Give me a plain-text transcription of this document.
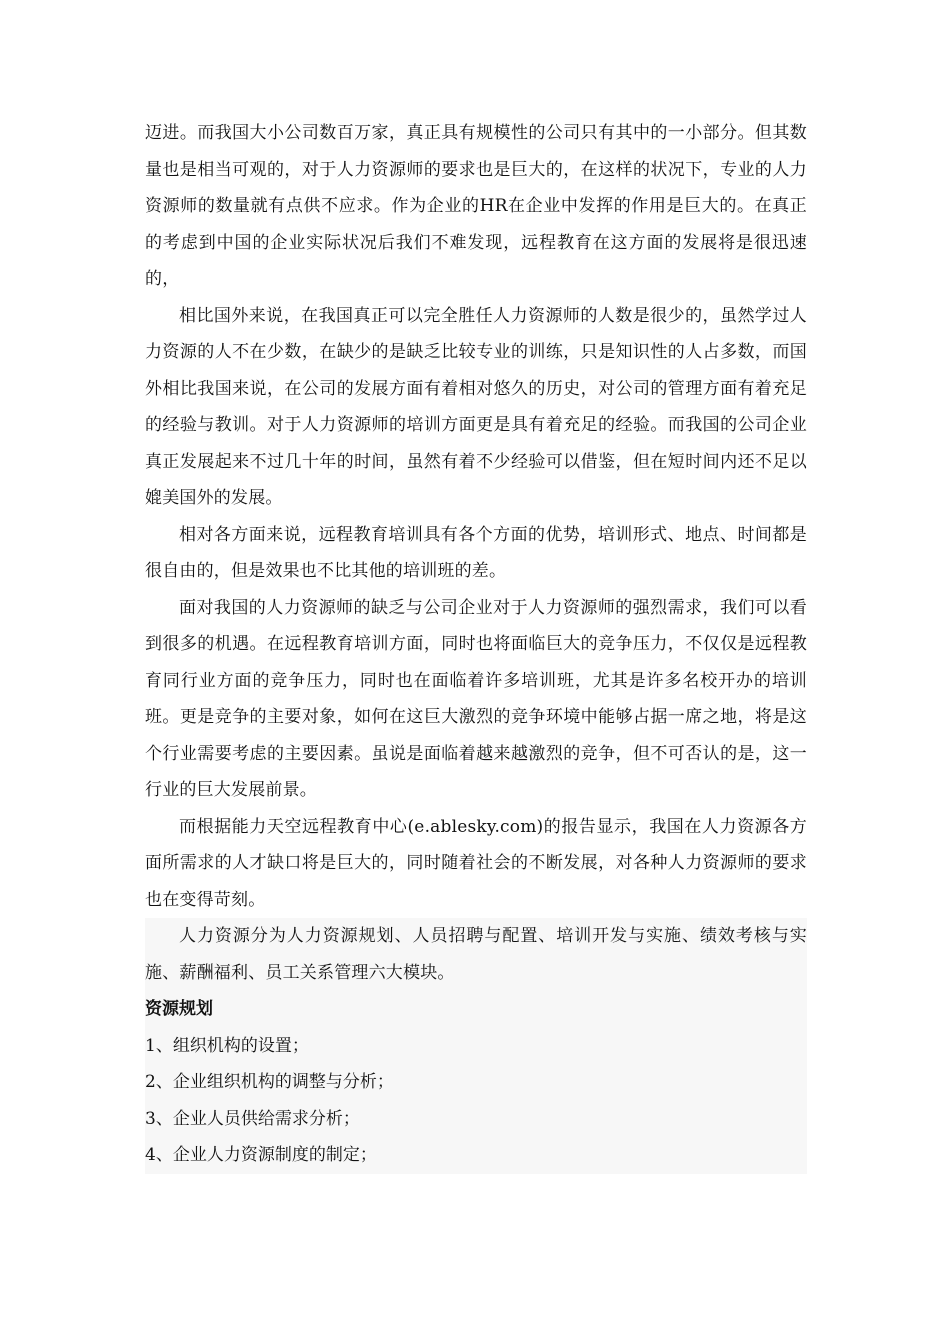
迈进。而我国大小公司数百万家，真正具有规模性的公司只有其中的一小部分。但其数量也是相当可观的，对于人力资源师的要求也是巨大的，在这样的状况下，专业的人力资源师的数量就有点供不应求。作为企业的HR在企业中发挥的作用是巨大的。在真正的考虑到中国的企业实际状况后我们不难发现，远程教育在这方面的发展将是很迅速的，

相比国外来说，在我国真正可以完全胜任人力资源师的人数是很少的，虽然学过人力资源的人不在少数，在缺少的是缺乏比较专业的训练，只是知识性的人占多数，而国外相比我国来说，在公司的发展方面有着相对悠久的历史，对公司的管理方面有着充足的经验与教训。对于人力资源师的培训方面更是具有着充足的经验。而我国的公司企业真正发展起来不过几十年的时间，虽然有着不少经验可以借鉴，但在短时间内还不足以媲美国外的发展。

相对各方面来说，远程教育培训具有各个方面的优势，培训形式、地点、时间都是很自由的，但是效果也不比其他的培训班的差。

面对我国的人力资源师的缺乏与公司企业对于人力资源师的强烈需求，我们可以看到很多的机遇。在远程教育培训方面，同时也将面临巨大的竞争压力，不仅仅是远程教育同行业方面的竞争压力，同时也在面临着许多培训班，尤其是许多名校开办的培训班。更是竞争的主要对象，如何在这巨大激烈的竞争环境中能够占据一席之地，将是这个行业需要考虑的主要因素。虽说是面临着越来越激烈的竞争，但不可否认的是，这一行业的巨大发展前景。

而根据能力天空远程教育中心(e.ablesky.com)的报告显示，我国在人力资源各方面所需求的人才缺口将是巨大的，同时随着社会的不断发展，对各种人力资源师的要求也在变得苛刻。

人力资源分为人力资源规划、人员招聘与配置、培训开发与实施、绩效考核与实施、薪酬福利、员工关系管理六大模块。

资源规划

1、组织机构的设置；

2、企业组织机构的调整与分析；

3、企业人员供给需求分析；

4、企业人力资源制度的制定；
